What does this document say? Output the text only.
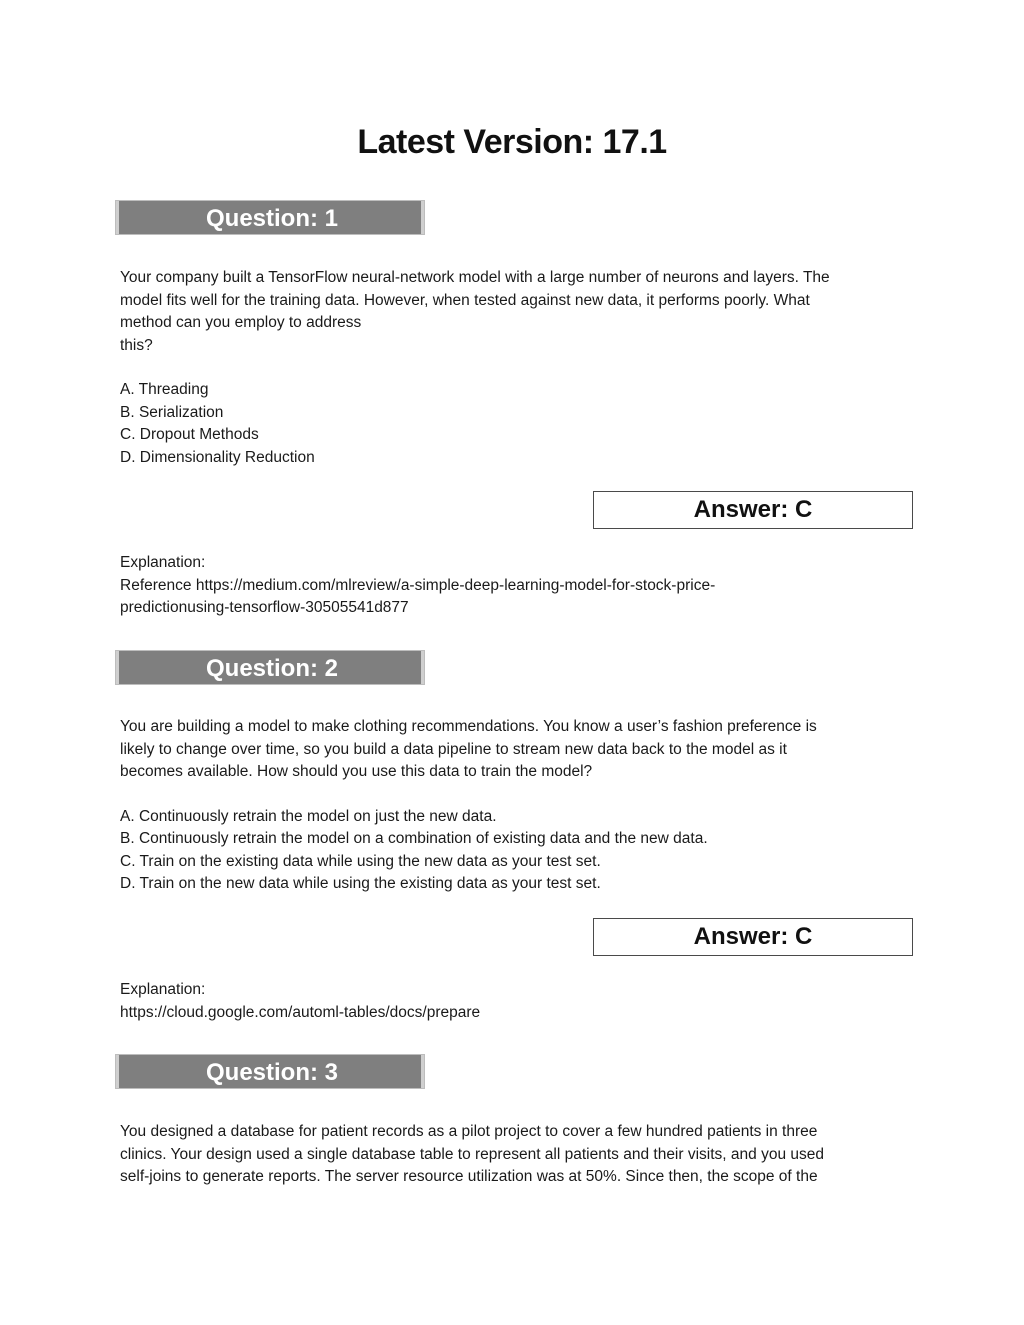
Latest Version: 17.1
Question: 1
Your company built a TensorFlow neural-network model with a large number of neurons and layers. The
model fits well for the training data. However, when tested against new data, it performs poorly. What
method can you employ to address
this?
A. Threading
B. Serialization
C. Dropout Methods
D. Dimensionality Reduction
Answer: C
Explanation:
Reference https://medium.com/mlreview/a-simple-deep-learning-model-for-stock-price-
predictionusing-tensorflow-30505541d877
Question: 2
You are building a model to make clothing recommendations. You know a user’s fashion preference is
likely to change over time, so you build a data pipeline to stream new data back to the model as it
becomes available. How should you use this data to train the model?
A. Continuously retrain the model on just the new data.
B. Continuously retrain the model on a combination of existing data and the new data.
C. Train on the existing data while using the new data as your test set.
D. Train on the new data while using the existing data as your test set.
Answer: C
Explanation:
https://cloud.google.com/automl-tables/docs/prepare
Question: 3
You designed a database for patient records as a pilot project to cover a few hundred patients in three
clinics. Your design used a single database table to represent all patients and their visits, and you used
self-joins to generate reports. The server resource utilization was at 50%. Since then, the scope of the
